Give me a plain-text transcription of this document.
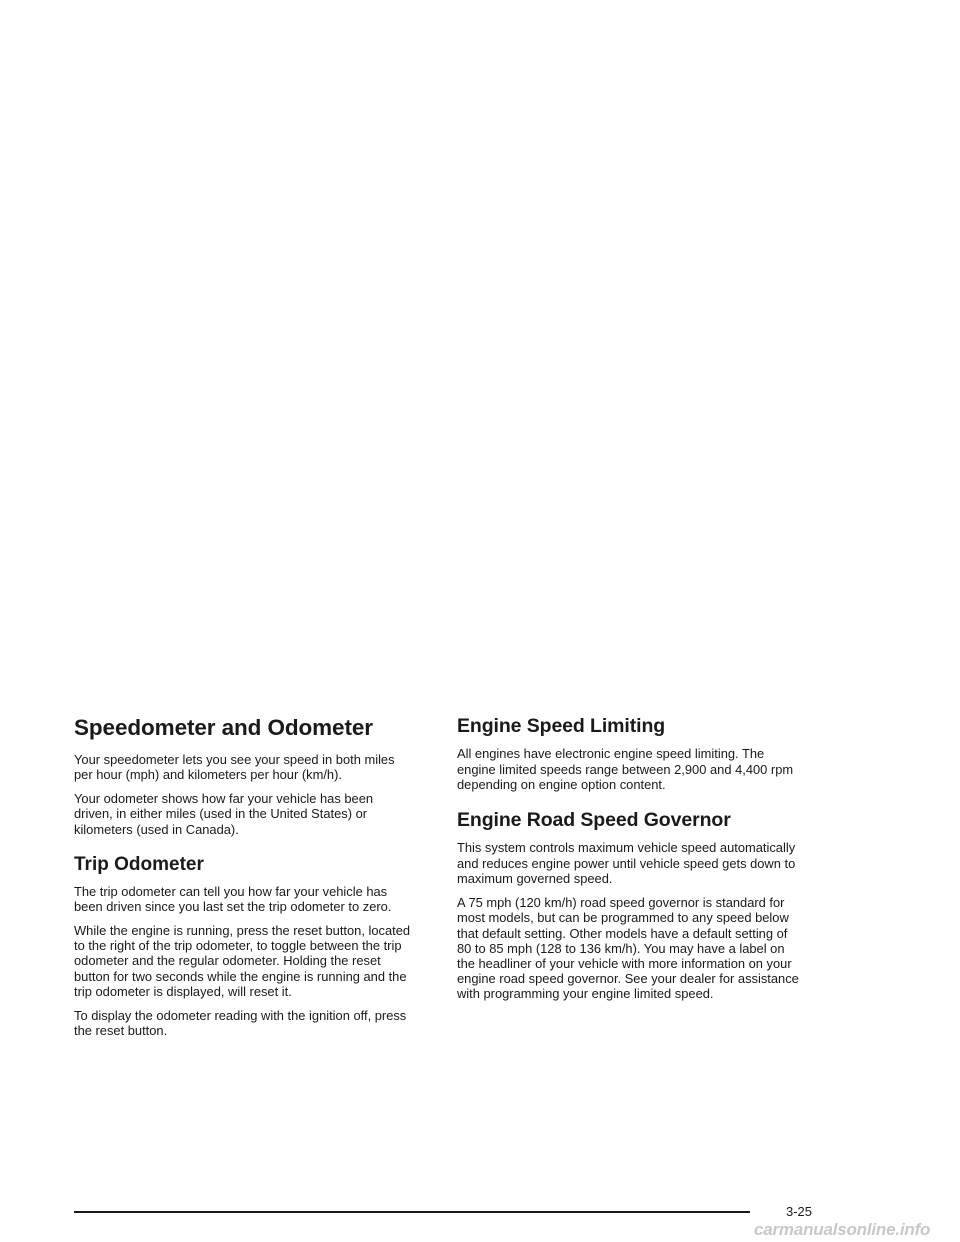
Speedometer and Odometer

Your speedometer lets you see your speed in both miles per hour (mph) and kilometers per hour (km/h).

Your odometer shows how far your vehicle has been driven, in either miles (used in the United States) or kilometers (used in Canada).

Trip Odometer

The trip odometer can tell you how far your vehicle has been driven since you last set the trip odometer to zero.

While the engine is running, press the reset button, located to the right of the trip odometer, to toggle between the trip odometer and the regular odometer. Holding the reset button for two seconds while the engine is running and the trip odometer is displayed, will reset it.

To display the odometer reading with the ignition off, press the reset button.

Engine Speed Limiting

All engines have electronic engine speed limiting. The engine limited speeds range between 2,900 and 4,400 rpm depending on engine option content.

Engine Road Speed Governor

This system controls maximum vehicle speed automatically and reduces engine power until vehicle speed gets down to maximum governed speed.

A 75 mph (120 km/h) road speed governor is standard for most models, but can be programmed to any speed below that default setting. Other models have a default setting of 80 to 85 mph (128 to 136 km/h). You may have a label on the headliner of your vehicle with more information on your engine road speed governor. See your dealer for assistance with programming your engine limited speed.

3-25
carmanualsonline.info
